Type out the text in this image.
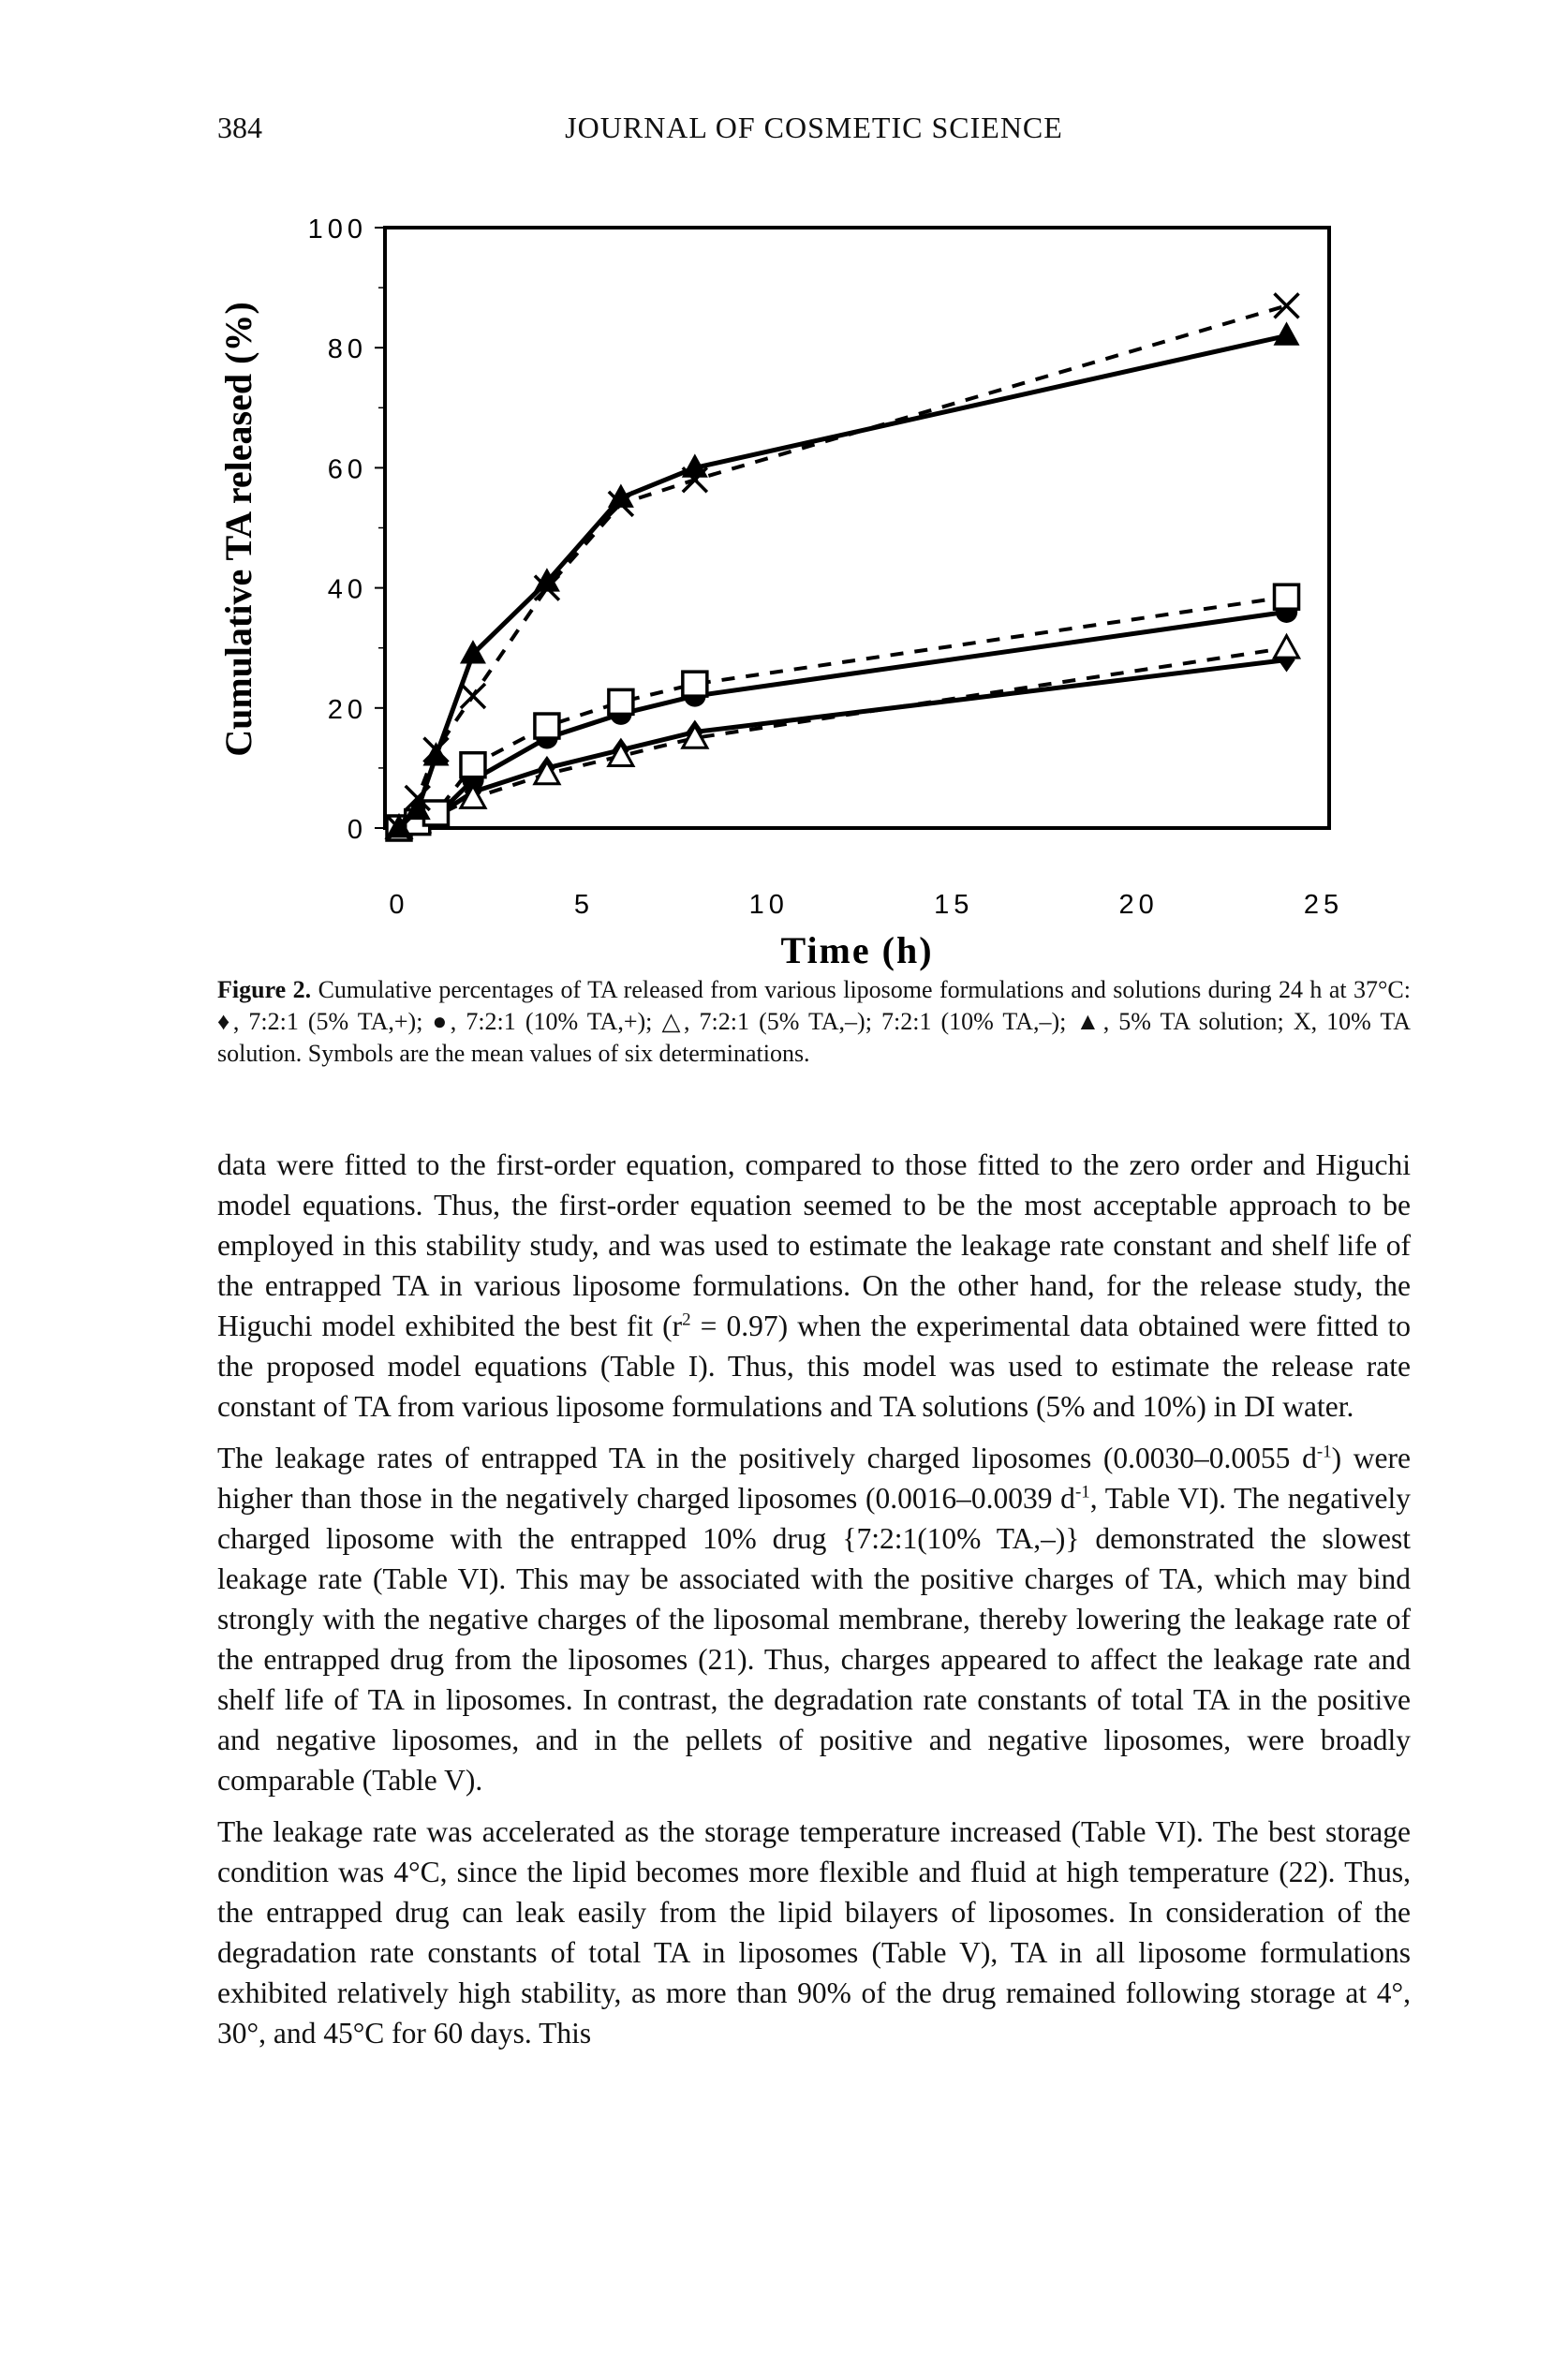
384	JOURNAL OF COSMETIC SCIENCE
0
20
40
60
80
100
0	5	10	15	20	25
Cumulative TA released (%)
Time (h)
Figure 2. Cumulative percentages of TA released from various liposome formulations and solutions during 24 h at 37°C: ♦, 7:2:1 (5% TA,+); ●, 7:2:1 (10% TA,+); △, 7:2:1 (5% TA,–); 7:2:1 (10% TA,–); ▲, 5% TA solution; X, 10% TA solution. Symbols are the mean values of six determinations.

data were fitted to the first-order equation, compared to those fitted to the zero order and Higuchi model equations. Thus, the first-order equation seemed to be the most acceptable approach to be employed in this stability study, and was used to estimate the leakage rate constant and shelf life of the entrapped TA in various liposome formulations. On the other hand, for the release study, the Higuchi model exhibited the best fit $(r^2 = 0.97)$ when the experimental data obtained were fitted to the proposed model equations (Table I). Thus, this model was used to estimate the release rate constant of TA from various liposome formulations and TA solutions (5% and 10%) in DI water.

The leakage rates of entrapped TA in the positively charged liposomes (0.0030–0.0055 $d^{-1}$) were higher than those in the negatively charged liposomes (0.0016–0.0039 $d^{-1}$, Table VI). The negatively charged liposome with the entrapped 10% drug {7:2:1(10% TA,–)} demonstrated the slowest leakage rate (Table VI). This may be associated with the positive charges of TA, which may bind strongly with the negative charges of the liposomal membrane, thereby lowering the leakage rate of the entrapped drug from the liposomes (21). Thus, charges appeared to affect the leakage rate and shelf life of TA in liposomes. In contrast, the degradation rate constants of total TA in the positive and negative liposomes, and in the pellets of positive and negative liposomes, were broadly comparable (Table V).

The leakage rate was accelerated as the storage temperature increased (Table VI). The best storage condition was 4°C, since the lipid becomes more flexible and fluid at high temperature (22). Thus, the entrapped drug can leak easily from the lipid bilayers of liposomes. In consideration of the degradation rate constants of total TA in liposomes (Table V), TA in all liposome formulations exhibited relatively high stability, as more than 90% of the drug remained following storage at 4°, 30°, and 45°C for 60 days. This
